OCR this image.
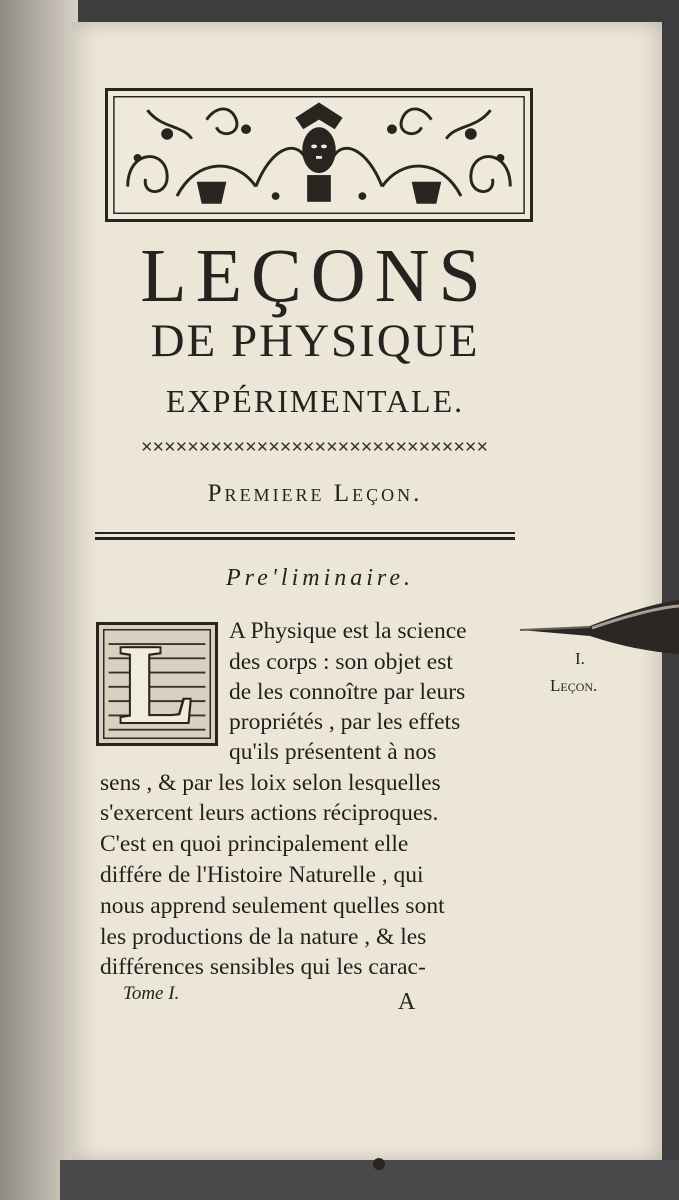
LEÇONS
DE PHYSIQUE
EXPÉRIMENTALE.
✕✕✕✕✕✕✕✕✕✕✕✕✕✕✕✕✕✕✕✕✕✕✕✕✕✕✕✕✕✕
Premiere Leçon.
Pre'liminaire.
L	A Physique est la science
des corps : son objet est
de les connoître par leurs
propriétés , par les effets
qu'ils présentent à nos
sens , & par les loix selon lesquelles
s'exercent leurs actions réciproques.
C'est en quoi principalement elle
différe de l'Histoire Naturelle , qui
nous apprend seulement quelles sont
les productions de la nature , & les
différences sensibles qui les carac-
I.
Leçon.
Tome I.	A
